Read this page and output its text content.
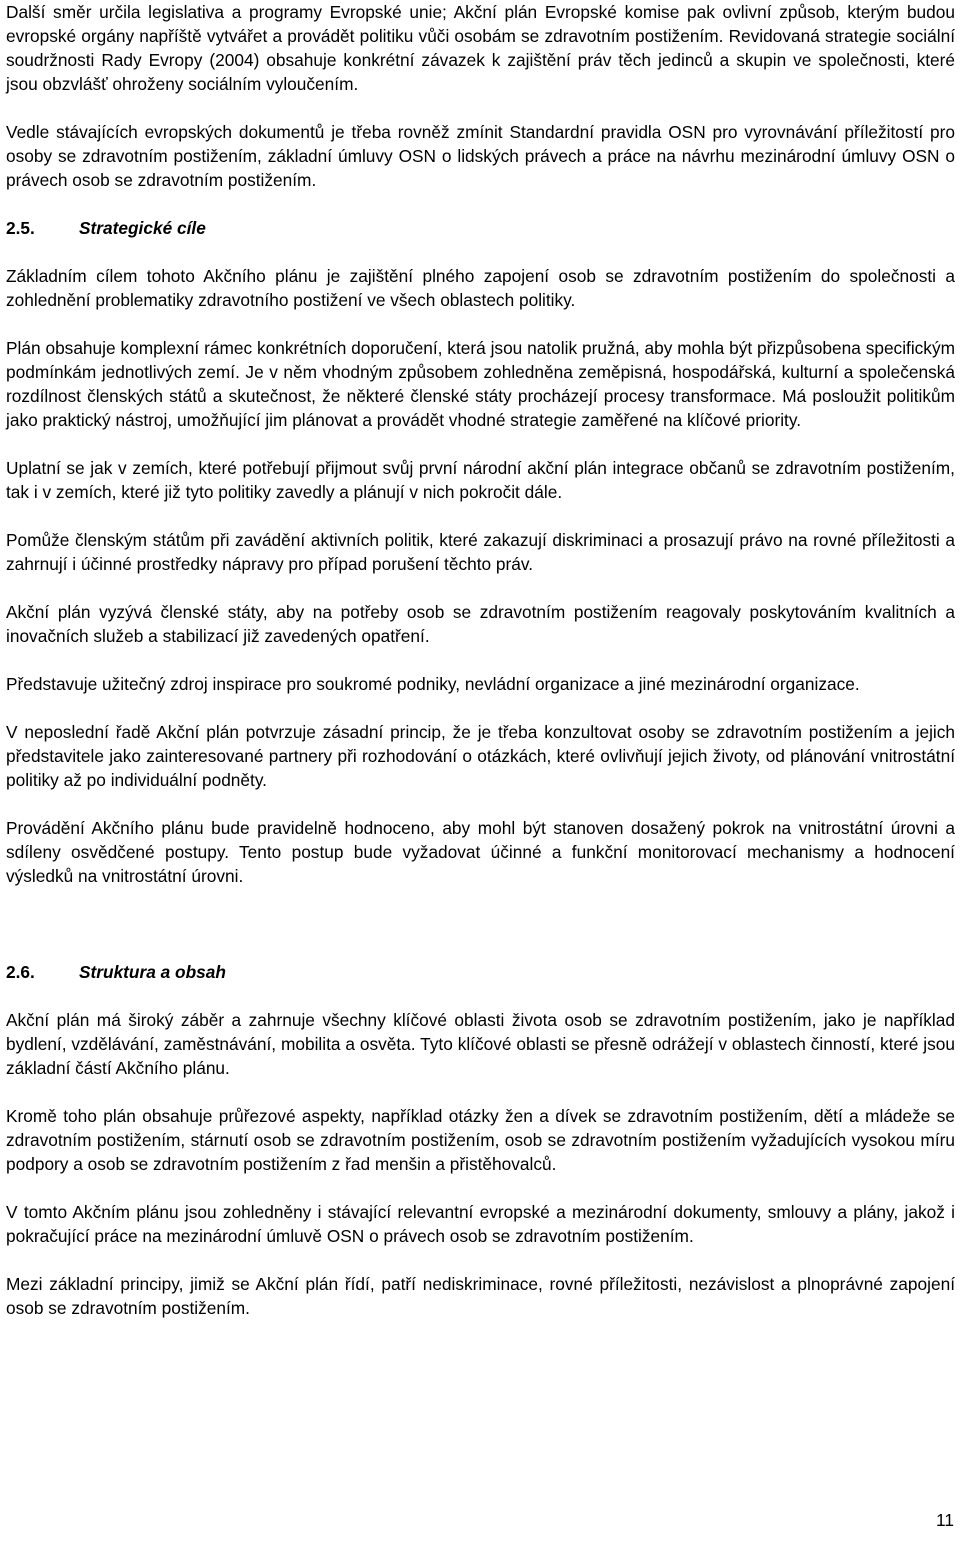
Další směr určila legislativa a programy Evropské unie; Akční plán Evropské komise pak ovlivní způsob, kterým budou evropské orgány napříště vytvářet a provádět politiku vůči osobám se zdravotním postižením. Revidovaná strategie sociální soudržnosti Rady Evropy (2004) obsahuje konkrétní závazek k zajištění práv těch jedinců a skupin ve společnosti, které jsou obzvlášť ohroženy sociálním vyloučením.

Vedle stávajících evropských dokumentů je třeba rovněž zmínit Standardní pravidla OSN pro vyrovnávání příležitostí pro osoby se zdravotním postižením, základní úmluvy OSN o lidských právech a práce na návrhu mezinárodní úmluvy OSN o právech osob se zdravotním postižením.

2.5.	Strategické cíle

Základním cílem tohoto Akčního plánu je zajištění plného zapojení osob se zdravotním postižením do společnosti a zohlednění problematiky zdravotního postižení ve všech oblastech politiky.

Plán obsahuje komplexní rámec konkrétních doporučení, která jsou natolik pružná, aby mohla být přizpůsobena specifickým podmínkám jednotlivých zemí. Je v něm vhodným způsobem zohledněna zeměpisná, hospodářská, kulturní a společenská rozdílnost členských států a skutečnost, že některé členské státy procházejí procesy transformace. Má posloužit politikům jako praktický nástroj, umožňující jim plánovat a provádět vhodné strategie zaměřené na klíčové priority.

Uplatní se jak v zemích, které potřebují přijmout svůj první národní akční plán integrace občanů se zdravotním postižením, tak i v zemích, které již tyto politiky zavedly a plánují v nich pokročit dále.

Pomůže členským státům při zavádění aktivních politik, které zakazují diskriminaci a prosazují právo na rovné příležitosti a zahrnují i účinné prostředky nápravy pro případ porušení těchto práv.

Akční plán vyzývá členské státy, aby na potřeby osob se zdravotním postižením reagovaly poskytováním kvalitních a inovačních služeb a stabilizací již zavedených opatření.

Představuje užitečný zdroj inspirace pro soukromé podniky, nevládní organizace a jiné mezinárodní organizace.

V neposlední řadě Akční plán potvrzuje zásadní princip, že je třeba konzultovat osoby se zdravotním postižením a jejich představitele jako zainteresované partnery při rozhodování o otázkách, které ovlivňují jejich životy, od plánování vnitrostátní politiky až po individuální podněty.

Provádění Akčního plánu bude pravidelně hodnoceno, aby mohl být stanoven dosažený pokrok na vnitrostátní úrovni a sdíleny osvědčené postupy. Tento postup bude vyžadovat účinné a funkční monitorovací mechanismy a hodnocení výsledků na vnitrostátní úrovni.

2.6.	Struktura a obsah

Akční plán má široký záběr a zahrnuje všechny klíčové oblasti života osob se zdravotním postižením, jako je například bydlení, vzdělávání, zaměstnávání, mobilita a osvěta. Tyto klíčové oblasti se přesně odrážejí v oblastech činností, které jsou základní částí Akčního plánu.

Kromě toho plán obsahuje průřezové aspekty, například otázky žen a dívek se zdravotním postižením, dětí a mládeže se zdravotním postižením, stárnutí osob se zdravotním postižením, osob se zdravotním postižením vyžadujících vysokou míru podpory a osob se zdravotním postižením z řad menšin a přistěhovalců.

V tomto Akčním plánu jsou zohledněny i stávající relevantní evropské a mezinárodní dokumenty, smlouvy a plány, jakož i pokračující práce na mezinárodní úmluvě OSN o právech osob se zdravotním postižením.

Mezi základní principy, jimiž se Akční plán řídí, patří nediskriminace, rovné příležitosti, nezávislost a plnoprávné zapojení osob se zdravotním postižením.

11
